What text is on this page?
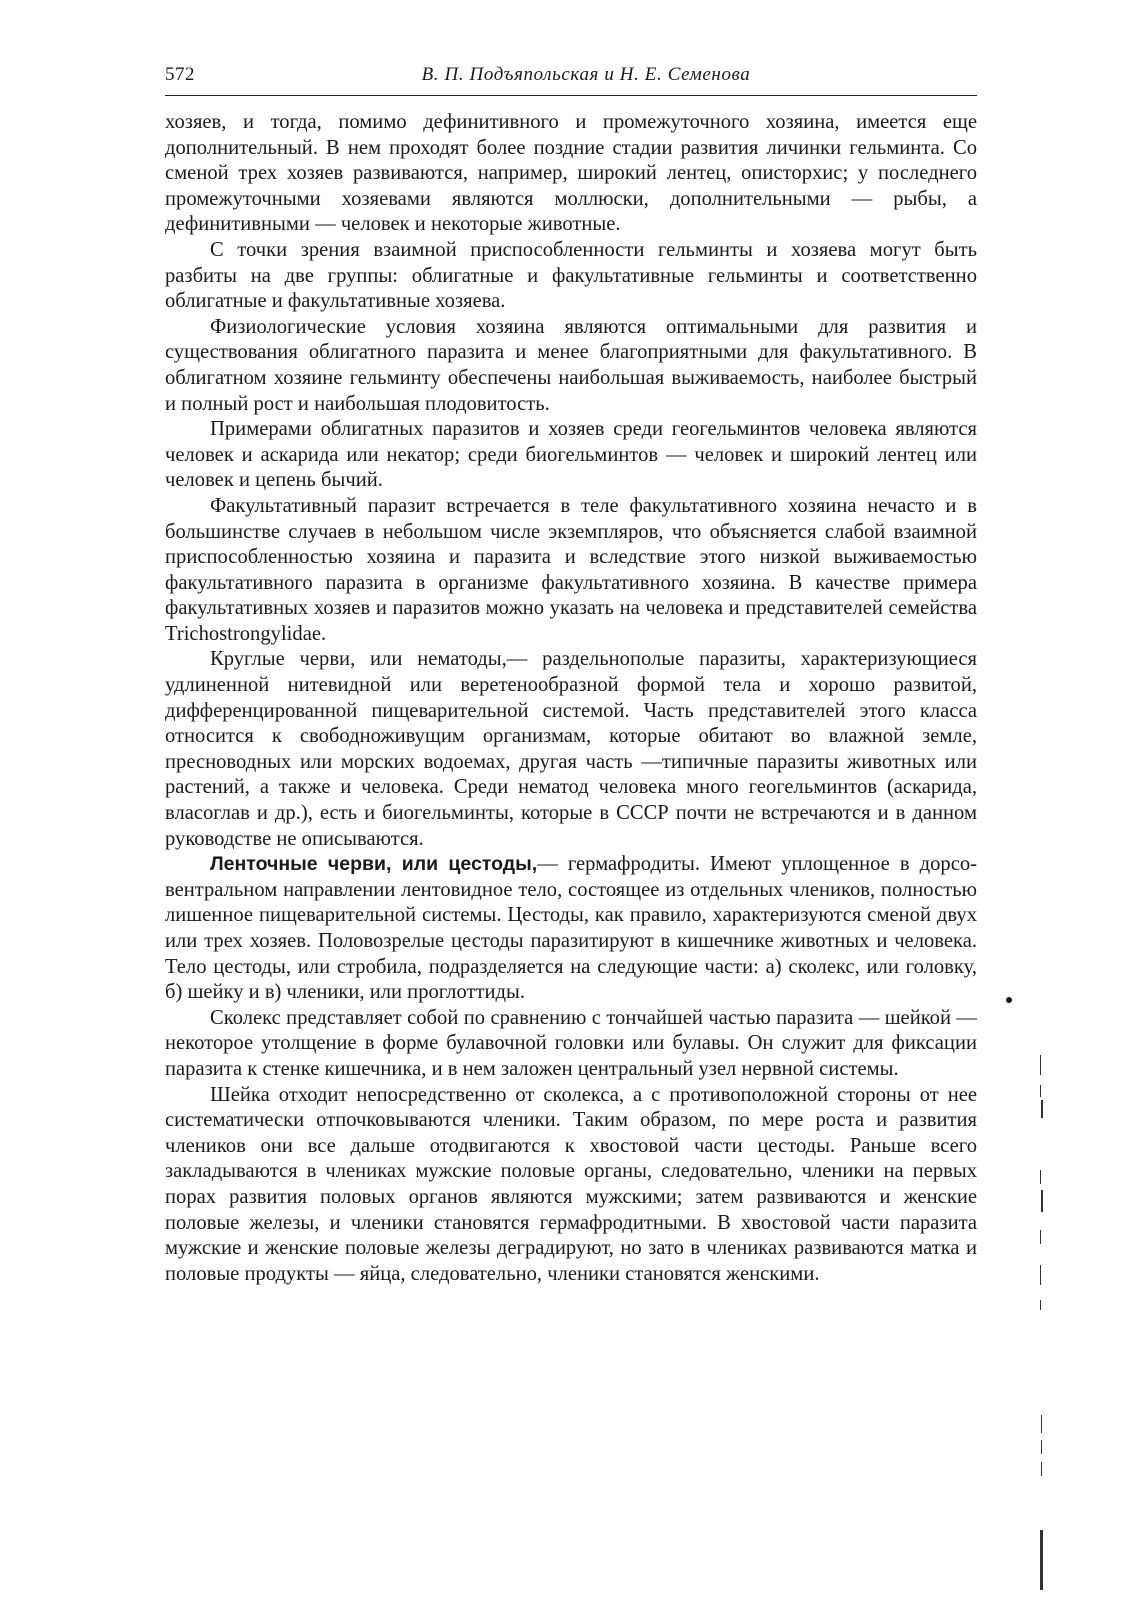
572	В. П. Подъяпольская и Н. Е. Семенова

хозяев, и тогда, помимо дефинитивного и промежуточного хозяина, имеется еще дополнительный. В нем проходят более поздние стадии развития личинки гельминта. Со сменой трех хозяев развиваются, например, широкий лентец, описторхис; у последнего промежуточными хозяевами являются моллюски, дополнительными — рыбы, а дефинитивными — человек и некоторые животные.

С точки зрения взаимной приспособленности гельминты и хозяева могут быть разбиты на две группы: облигатные и факультативные гельминты и соответственно облигатные и факультативные хозяева.

Физиологические условия хозяина являются оптимальными для развития и существования облигатного паразита и менее благоприятными для факультативного. В облигатном хозяине гельминту обеспечены наибольшая выживаемость, наиболее быстрый и полный рост и наибольшая плодовитость.

Примерами облигатных паразитов и хозяев среди геогельминтов человека являются человек и аскарида или некатор; среди биогельминтов — человек и широкий лентец или человек и цепень бычий.

Факультативный паразит встречается в теле факультативного хозяина нечасто и в большинстве случаев в небольшом числе экземпляров, что объясняется слабой взаимной приспособленностью хозяина и паразита и вследствие этого низкой выживаемостью факультативного паразита в организме факультативного хозяина. В качестве примера факультативных хозяев и паразитов можно указать на человека и представителей семейства Trichostrongylidae.

Круглые черви, или нематоды,— раздельнополые паразиты, характеризующиеся удлиненной нитевидной или веретенообразной формой тела и хорошо развитой, дифференцированной пищеварительной системой. Часть представителей этого класса относится к свободноживущим организмам, которые обитают во влажной земле, пресноводных или морских водоемах, другая часть —типичные паразиты животных или растений, а также и человека. Среди нематод человека много геогельминтов (аскарида, власоглав и др.), есть и биогельминты, которые в СССР почти не встречаются и в данном руководстве не описываются.

Ленточные черви, или цестоды,— гермафродиты. Имеют уплощенное в дорсо-вентральном направлении лентовидное тело, состоящее из отдельных члеников, полностью лишенное пищеварительной системы. Цестоды, как правило, характеризуются сменой двух или трех хозяев. Половозрелые цестоды паразитируют в кишечнике животных и человека. Тело цестоды, или стробила, подразделяется на следующие части: а) сколекс, или головку, б) шейку и в) членики, или проглоттиды.

Сколекс представляет собой по сравнению с тончайшей частью паразита — шейкой — некоторое утолщение в форме булавочной головки или булавы. Он служит для фиксации паразита к стенке кишечника, и в нем заложен центральный узел нервной системы.

Шейка отходит непосредственно от сколекса, а с противоположной стороны от нее систематически отпочковываются членики. Таким образом, по мере роста и развития члеников они все дальше отодвигаются к хвостовой части цестоды. Раньше всего закладываются в члениках мужские половые органы, следовательно, членики на первых порах развития половых органов являются мужскими; затем развиваются и женские половые железы, и членики становятся гермафродитными. В хвостовой части паразита мужские и женские половые железы деградируют, но зато в члениках развиваются матка и половые продукты — яйца, следовательно, членики становятся женскими.
